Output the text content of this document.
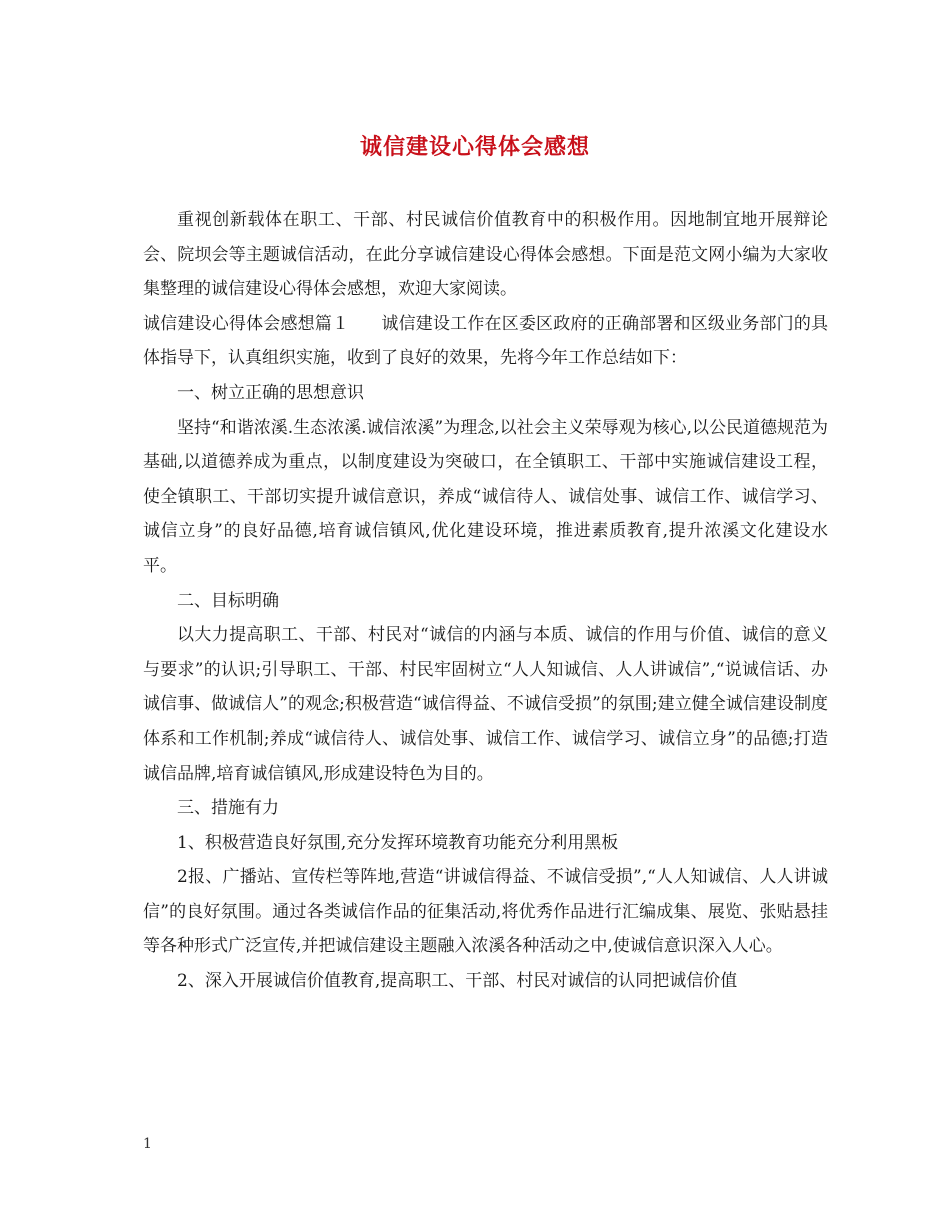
诚信建设心得体会感想

重视创新载体在职工、干部、村民诚信价值教育中的积极作用。因地制宜地开展辩论会、院坝会等主题诚信活动，在此分享诚信建设心得体会感想。下面是范文网小编为大家收集整理的诚信建设心得体会感想，欢迎大家阅读。

诚信建设心得体会感想篇１ 诚信建设工作在区委区政府的正确部署和区级业务部门的具体指导下，认真组织实施，收到了良好的效果，先将今年工作总结如下：

一、树立正确的思想意识

坚持“和谐浓溪.生态浓溪.诚信浓溪”为理念,以社会主义荣辱观为核心,以公民道德规范为基础,以道德养成为重点，以制度建设为突破口，在全镇职工、干部中实施诚信建设工程，使全镇职工、干部切实提升诚信意识，养成“诚信待人、诚信处事、诚信工作、诚信学习、诚信立身”的良好品德,培育诚信镇风,优化建设环境，推进素质教育,提升浓溪文化建设水平。

二、目标明确

以大力提高职工、干部、村民对“诚信的内涵与本质、诚信的作用与价值、诚信的意义与要求”的认识;引导职工、干部、村民牢固树立“人人知诚信、人人讲诚信”,“说诚信话、办诚信事、做诚信人”的观念;积极营造“诚信得益、不诚信受损”的氛围;建立健全诚信建设制度体系和工作机制;养成“诚信待人、诚信处事、诚信工作、诚信学习、诚信立身”的品德;打造诚信品牌,培育诚信镇风,形成建设特色为目的。

三、措施有力

1、积极营造良好氛围,充分发挥环境教育功能充分利用黑板

2报、广播站、宣传栏等阵地,营造“讲诚信得益、不诚信受损”,“人人知诚信、人人讲诚信”的良好氛围。通过各类诚信作品的征集活动,将优秀作品进行汇编成集、展览、张贴悬挂等各种形式广泛宣传,并把诚信建设主题融入浓溪各种活动之中,使诚信意识深入人心。

2、深入开展诚信价值教育,提高职工、干部、村民对诚信的认同把诚信价值

1
